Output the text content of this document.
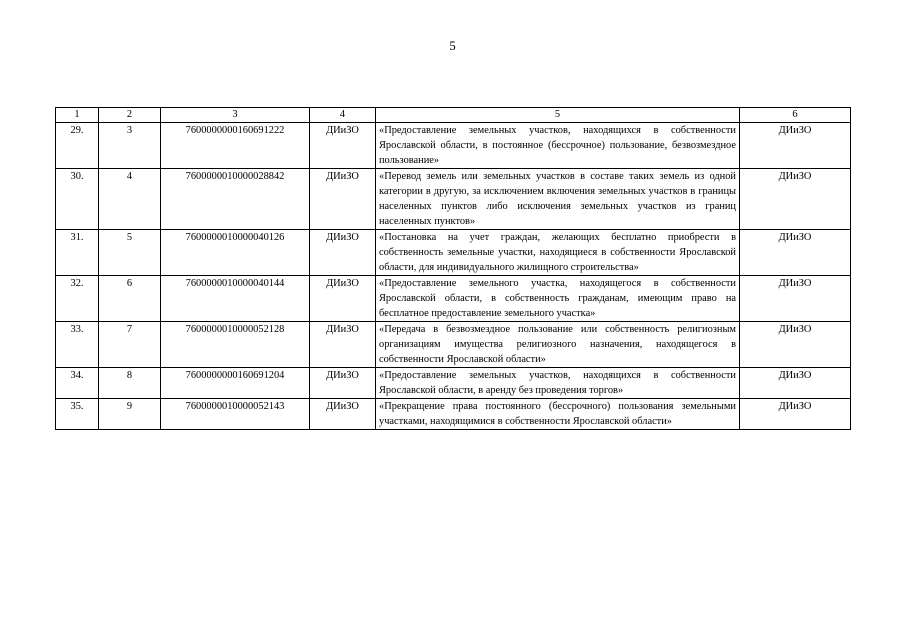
5
1	2	3	4	5	6
29.	3	7600000000160691222	ДИиЗО	«Предоставление земельных участков, находящихся в собственности Ярославской области, в постоянное (бессрочное) пользование, безвозмездное пользование»	ДИиЗО
30.	4	7600000010000028842	ДИиЗО	«Перевод земель или земельных участков в составе таких земель из одной категории в другую, за исключением включения земельных участков в границы населенных пунктов либо исключения земельных участков из границ населенных пунктов»	ДИиЗО
31.	5	7600000010000040126	ДИиЗО	«Постановка на учет граждан, желающих бесплатно приобрести в собственность земельные участки, находящиеся в собственности Ярославской области, для индивидуального жилищного строительства»	ДИиЗО
32.	6	7600000010000040144	ДИиЗО	«Предоставление земельного участка, находящегося в собственности Ярославской области, в собственность гражданам, имеющим право на бесплатное предоставление земельного участка»	ДИиЗО
33.	7	7600000010000052128	ДИиЗО	«Передача в безвозмездное пользование или собственность религиозным организациям имущества религиозного назначения, находящегося в собственности Ярославской области»	ДИиЗО
34.	8	7600000000160691204	ДИиЗО	«Предоставление земельных участков, находящихся в собственности Ярославской области, в аренду без проведения торгов»	ДИиЗО
35.	9	7600000010000052143	ДИиЗО	«Прекращение права постоянного (бессрочного) пользования земельными участками, находящимися в собственности Ярославской области»	ДИиЗО
